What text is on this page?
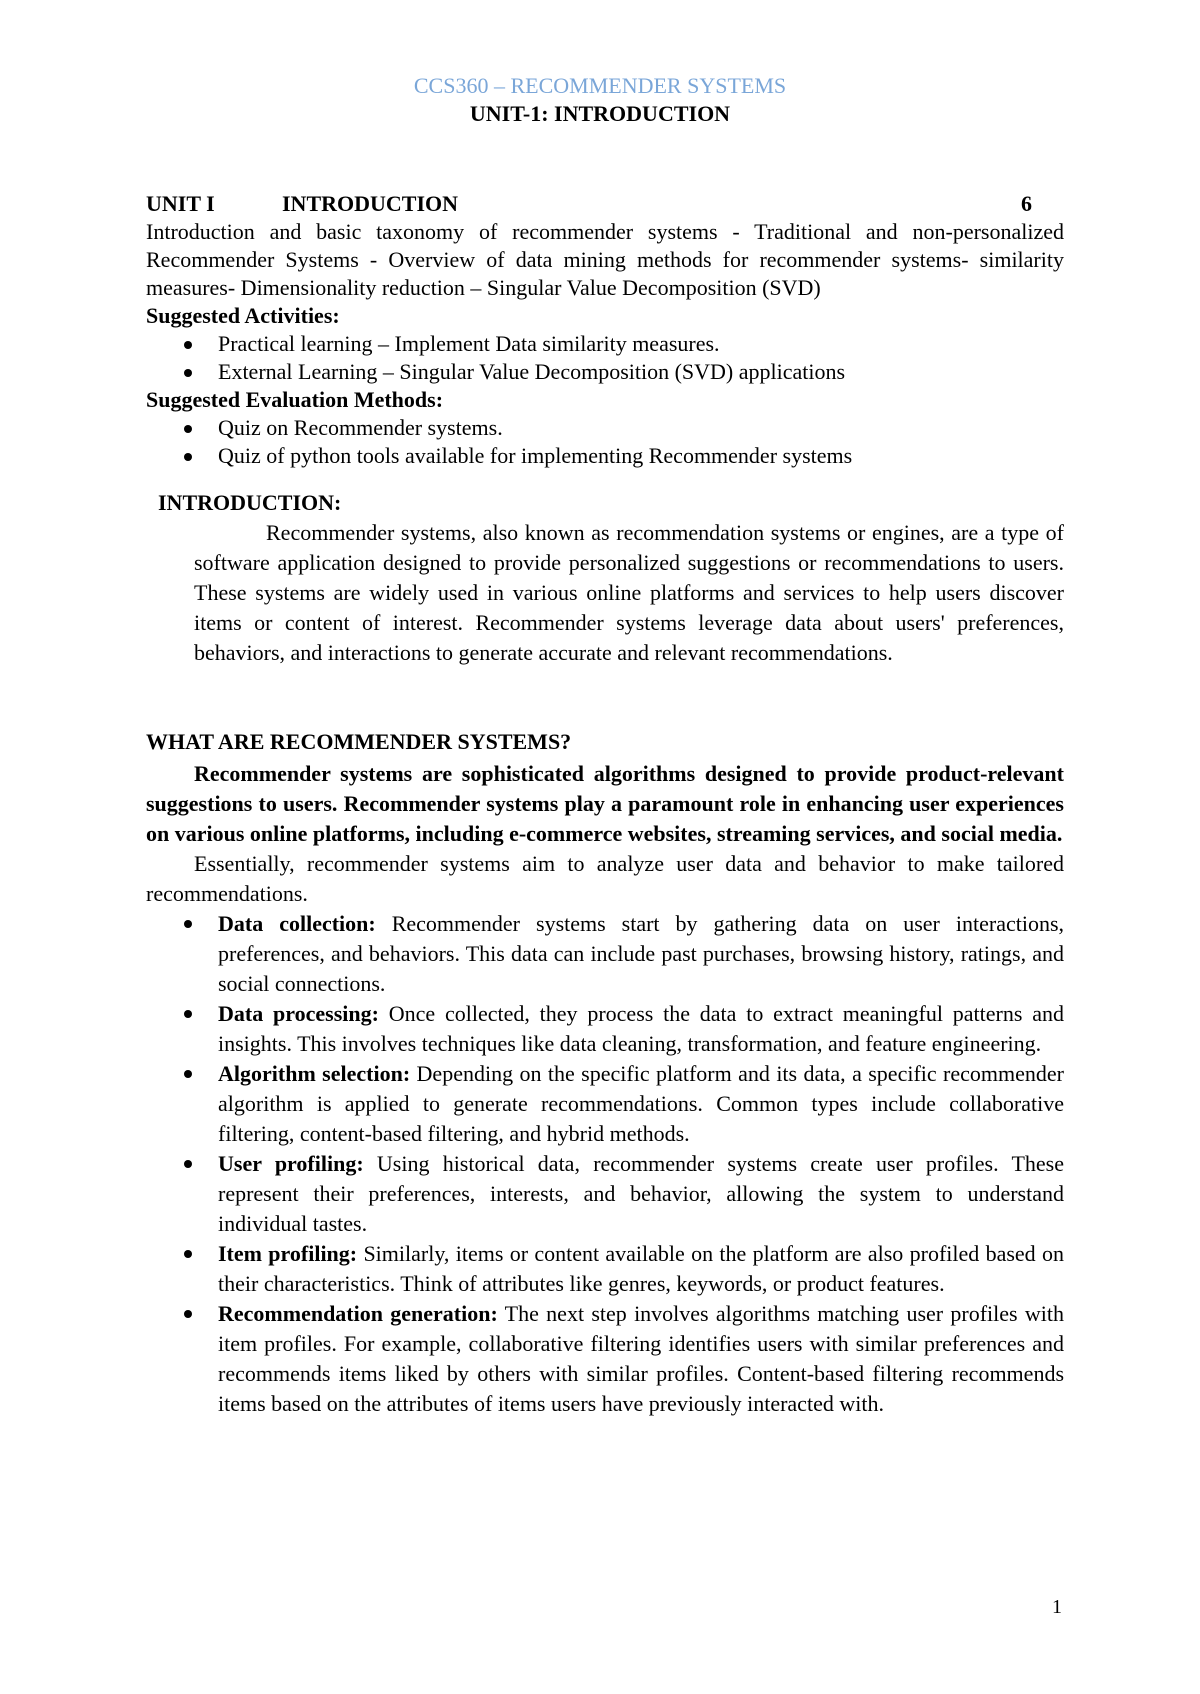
CCS360 – RECOMMENDER SYSTEMS
UNIT-1: INTRODUCTION
UNIT I	INTRODUCTION	6

Introduction and basic taxonomy of recommender systems - Traditional and non-personalized Recommender Systems - Overview of data mining methods for recommender systems- similarity measures- Dimensionality reduction – Singular Value Decomposition (SVD)

Suggested Activities:
Practical learning – Implement Data similarity measures.
External Learning – Singular Value Decomposition (SVD) applications
Suggested Evaluation Methods:
Quiz on Recommender systems.
Quiz of python tools available for implementing Recommender systems
INTRODUCTION:

Recommender systems, also known as recommendation systems or engines, are a type of software application designed to provide personalized suggestions or recommendations to users. These systems are widely used in various online platforms and services to help users discover items or content of interest. Recommender systems leverage data about users' preferences, behaviors, and interactions to generate accurate and relevant recommendations.

WHAT ARE RECOMMENDER SYSTEMS?

Recommender systems are sophisticated algorithms designed to provide product-relevant suggestions to users. Recommender systems play a paramount role in enhancing user experiences on various online platforms, including e-commerce websites, streaming services, and social media.

Essentially, recommender systems aim to analyze user data and behavior to make tailored recommendations.

Data collection: Recommender systems start by gathering data on user interactions, preferences, and behaviors. This data can include past purchases, browsing history, ratings, and social connections.
Data processing: Once collected, they process the data to extract meaningful patterns and insights. This involves techniques like data cleaning, transformation, and feature engineering.
Algorithm selection: Depending on the specific platform and its data, a specific recommender algorithm is applied to generate recommendations. Common types include collaborative filtering, content-based filtering, and hybrid methods.
User profiling: Using historical data, recommender systems create user profiles. These represent their preferences, interests, and behavior, allowing the system to understand individual tastes.
Item profiling: Similarly, items or content available on the platform are also profiled based on their characteristics. Think of attributes like genres, keywords, or product features.
Recommendation generation: The next step involves algorithms matching user profiles with item profiles. For example, collaborative filtering identifies users with similar preferences and recommends items liked by others with similar profiles. Content-based filtering recommends items based on the attributes of items users have previously interacted with.
1
